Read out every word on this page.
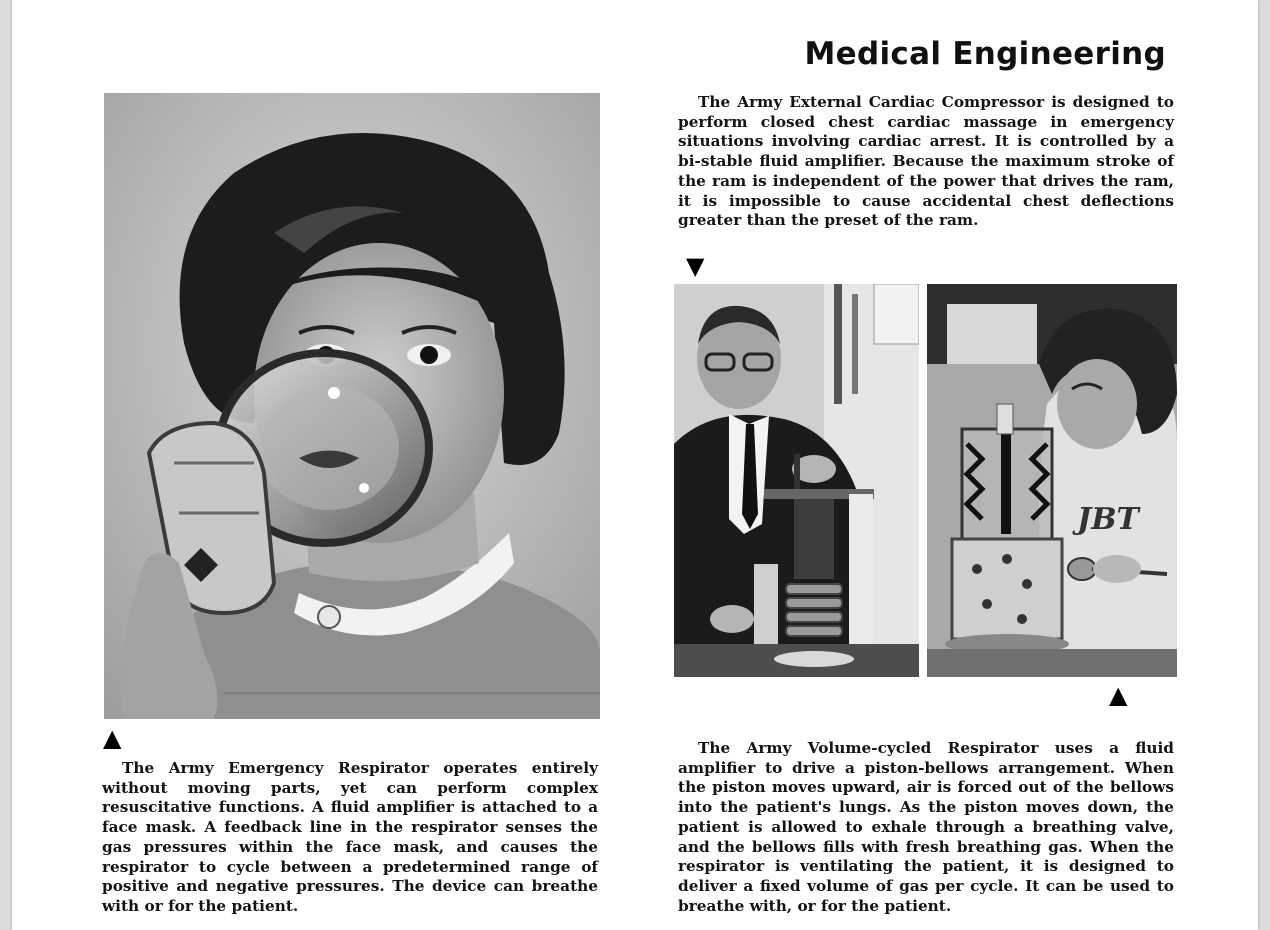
Medical Engineering

The Army External Cardiac Compressor is designed to perform closed chest cardiac massage in emergency situations involving cardiac arrest. It is controlled by a bi-stable fluid amplifier. Because the maximum stroke of the ram is independent of the power that drives the ram, it is impossible to cause accidental chest deflections greater than the preset of the ram.

▲
▼
JBT
▲

The Army Emergency Respirator operates entirely without moving parts, yet can perform complex resuscitative functions. A fluid amplifier is attached to a face mask. A feedback line in the respirator senses the gas pressures within the face mask, and causes the respirator to cycle between a predetermined range of positive and negative pressures. The device can breathe with or for the patient.

The Army Volume-cycled Respirator uses a fluid amplifier to drive a piston-bellows arrangement. When the piston moves upward, air is forced out of the bellows into the patient's lungs. As the piston moves down, the patient is allowed to exhale through a breathing valve, and the bellows fills with fresh breathing gas. When the respirator is ventilating the patient, it is designed to deliver a fixed volume of gas per cycle. It can be used to breathe with, or for the patient.
